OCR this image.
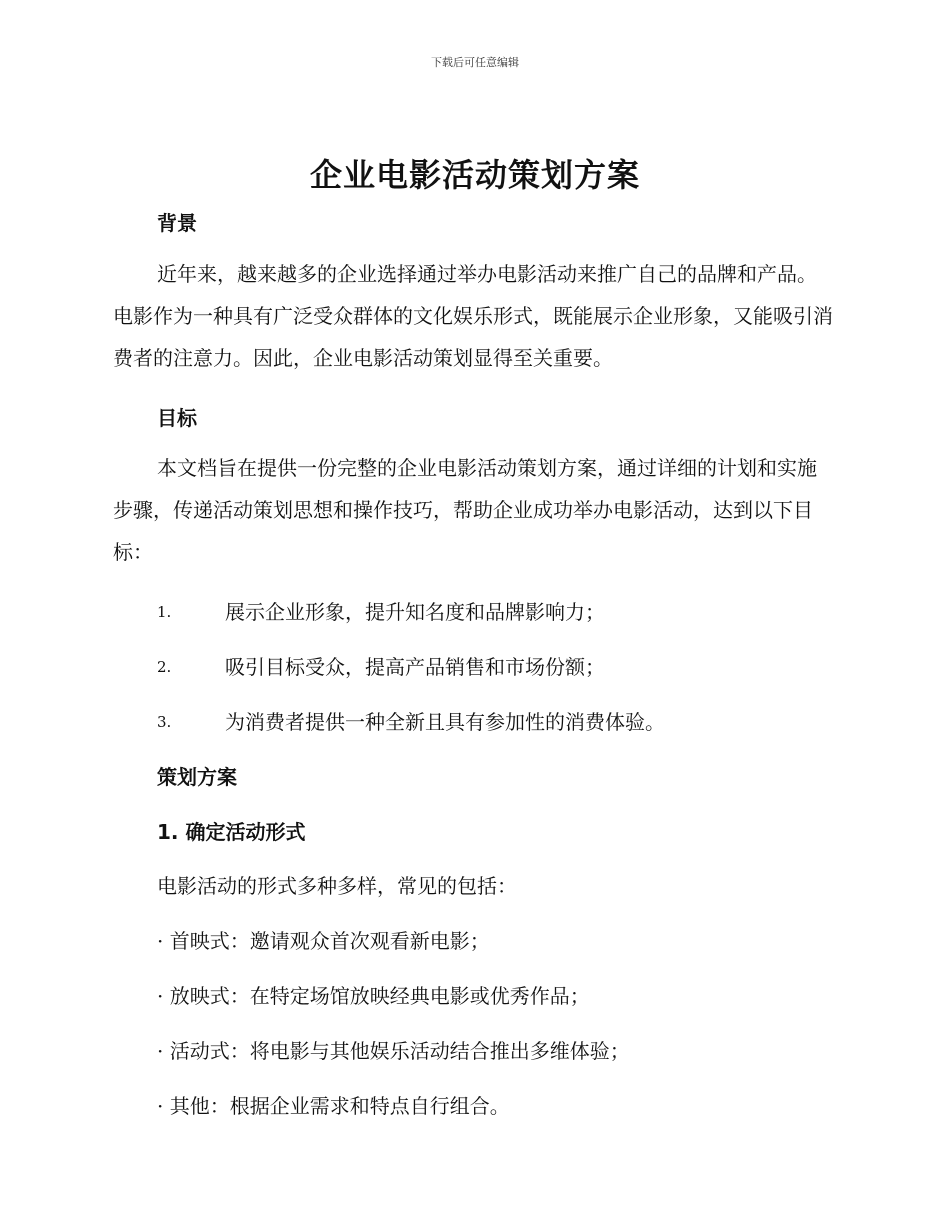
下载后可任意编辑
企业电影活动策划方案
背景
近年来，越来越多的企业选择通过举办电影活动来推广自己的品牌和产品。电影作为一种具有广泛受众群体的文化娱乐形式，既能展示企业形象，又能吸引消费者的注意力。因此，企业电影活动策划显得至关重要。
目标
本文档旨在提供一份完整的企业电影活动策划方案，通过详细的计划和实施步骤，传递活动策划思想和操作技巧，帮助企业成功举办电影活动，达到以下目标：
1.	展示企业形象，提升知名度和品牌影响力；
2.	吸引目标受众，提高产品销售和市场份额；
3.	为消费者提供一种全新且具有参加性的消费体验。
策划方案
1. 确定活动形式
电影活动的形式多种多样，常见的包括：
· 首映式：邀请观众首次观看新电影；
· 放映式：在特定场馆放映经典电影或优秀作品；
· 活动式：将电影与其他娱乐活动结合推出多维体验；
· 其他：根据企业需求和特点自行组合。
